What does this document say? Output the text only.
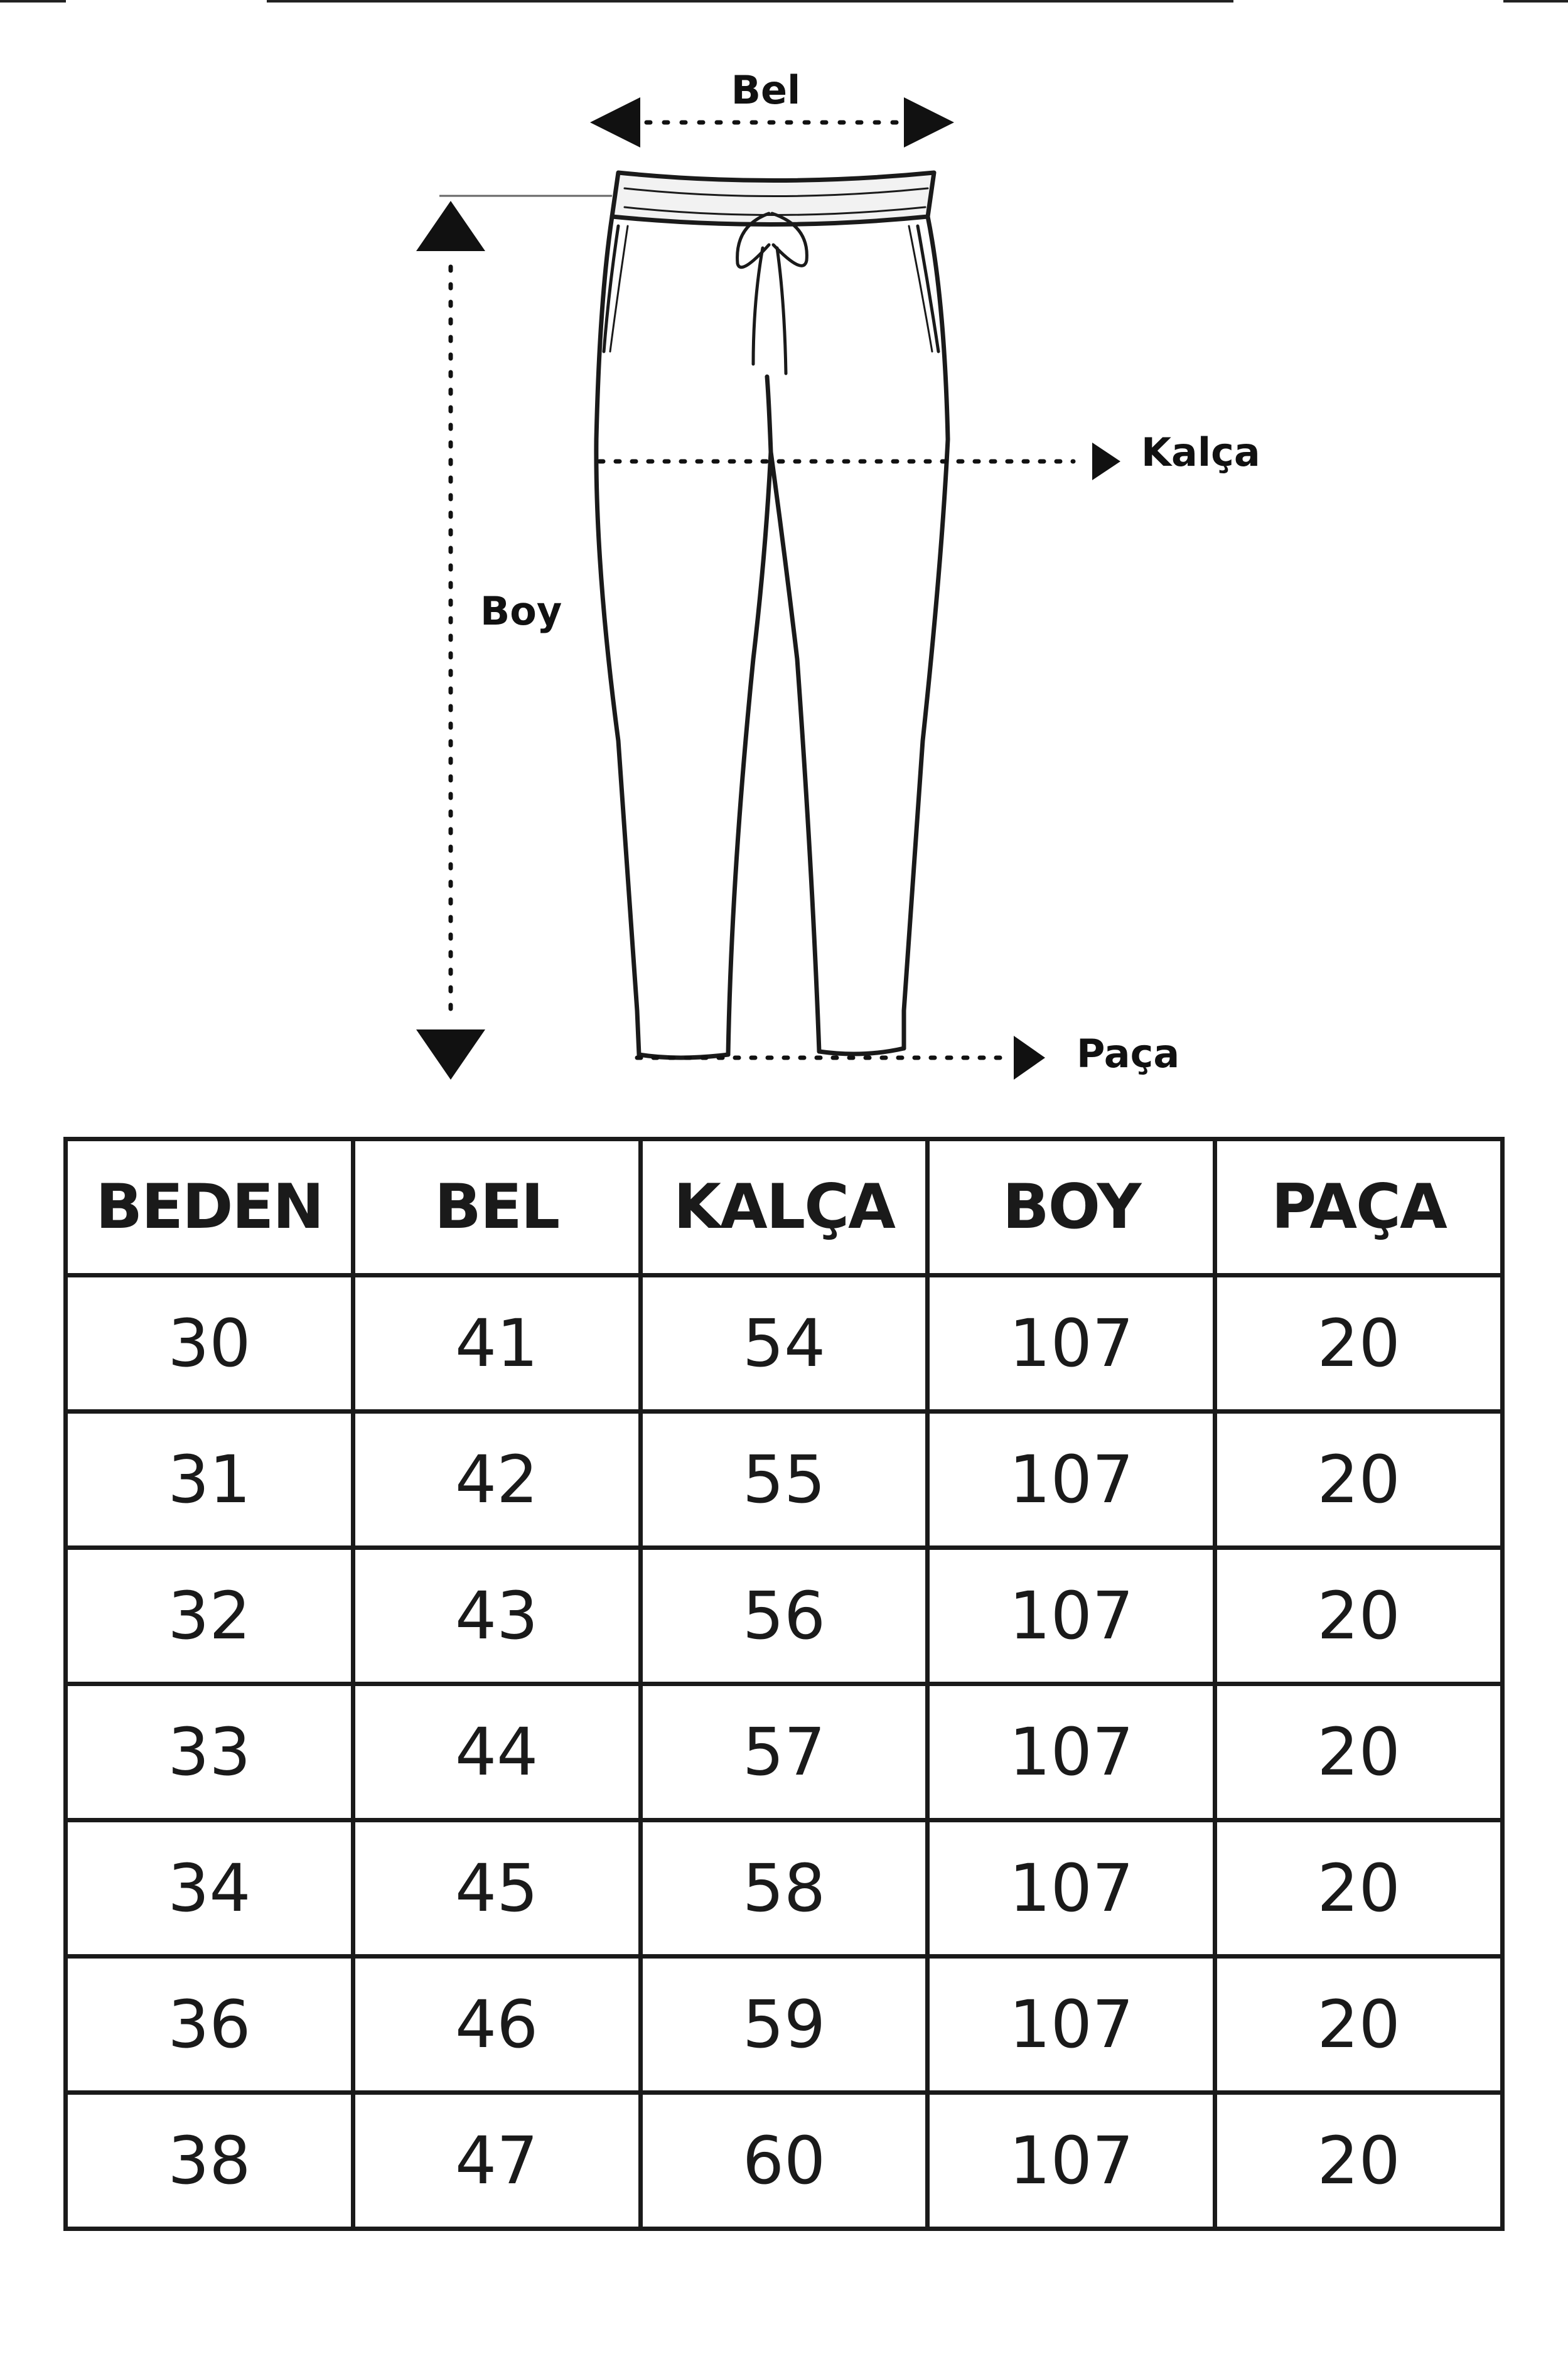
Bel
Boy
Kalça
Paça
BEDEN	BEL	KALÇA	BOY	PAÇA
30	41	54	107	20
31	42	55	107	20
32	43	56	107	20
33	44	57	107	20
34	45	58	107	20
36	46	59	107	20
38	47	60	107	20
